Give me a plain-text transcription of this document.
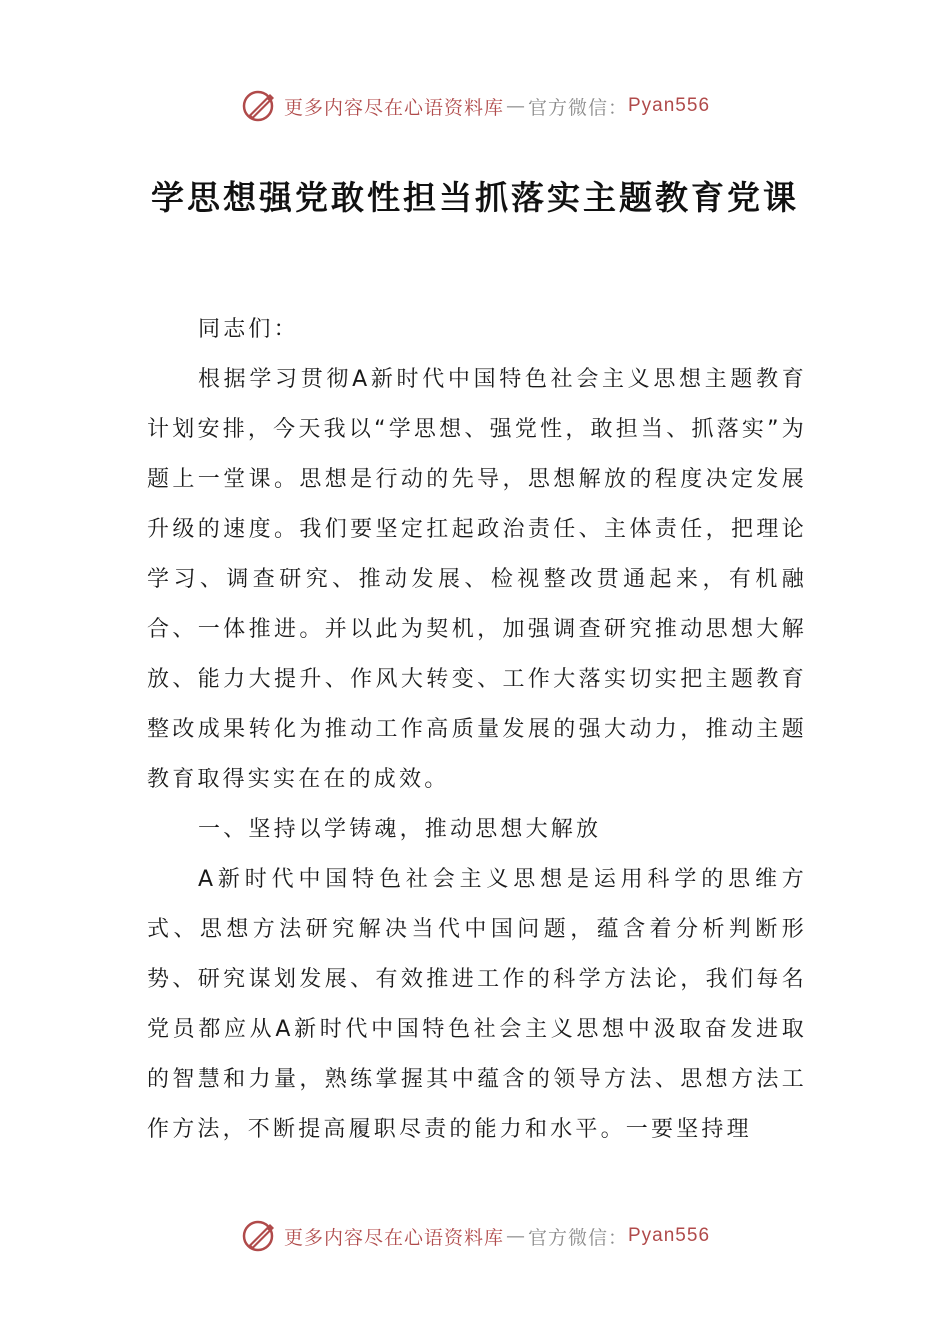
更多内容尽在心语资料库 — 官方微信： Pyan556
学思想强党敢性担当抓落实主题教育党课

同志们：

根据学习贯彻A新时代中国特色社会主义思想主题教育计划安排，今天我以“学思想、强党性，敢担当、抓落实”为题上一堂课。思想是行动的先导，思想解放的程度决定发展升级的速度。我们要坚定扛起政治责任、主体责任，把理论学习、调查研究、推动发展、检视整改贯通起来，有机融合、一体推进。并以此为契机，加强调查研究推动思想大解放、能力大提升、作风大转变、工作大落实切实把主题教育整改成果转化为推动工作高质量发展的强大动力，推动主题教育取得实实在在的成效。

一、坚持以学铸魂，推动思想大解放

A新时代中国特色社会主义思想是运用科学的思维方式、思想方法研究解决当代中国问题，蕴含着分析判断形势、研究谋划发展、有效推进工作的科学方法论，我们每名党员都应从A新时代中国特色社会主义思想中汲取奋发进取的智慧和力量，熟练掌握其中蕴含的领导方法、思想方法工作方法，不断提高履职尽责的能力和水平。一要坚持理

更多内容尽在心语资料库 — 官方微信： Pyan556
